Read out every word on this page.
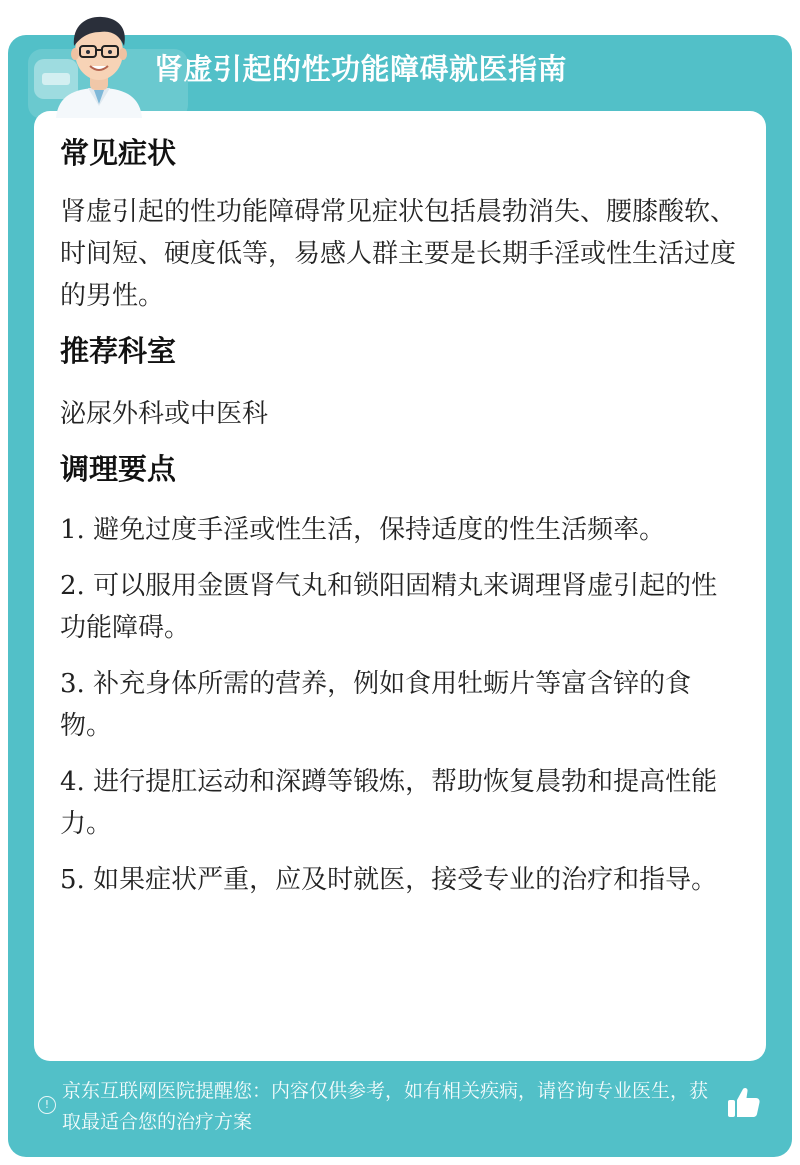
肾虚引起的性功能障碍就医指南
常见症状

肾虚引起的性功能障碍常见症状包括晨勃消失、腰膝酸软、时间短、硬度低等，易感人群主要是长期手淫或性生活过度的男性。

推荐科室

泌尿外科或中医科

调理要点

1. 避免过度手淫或性生活，保持适度的性生活频率。

2. 可以服用金匮肾气丸和锁阳固精丸来调理肾虚引起的性功能障碍。

3. 补充身体所需的营养，例如食用牡蛎片等富含锌的食物。

4. 进行提肛运动和深蹲等锻炼，帮助恢复晨勃和提高性能力。

5. 如果症状严重，应及时就医，接受专业的治疗和指导。

!
京东互联网医院提醒您：内容仅供参考，如有相关疾病，请咨询专业医生，获取最适合您的治疗方案
